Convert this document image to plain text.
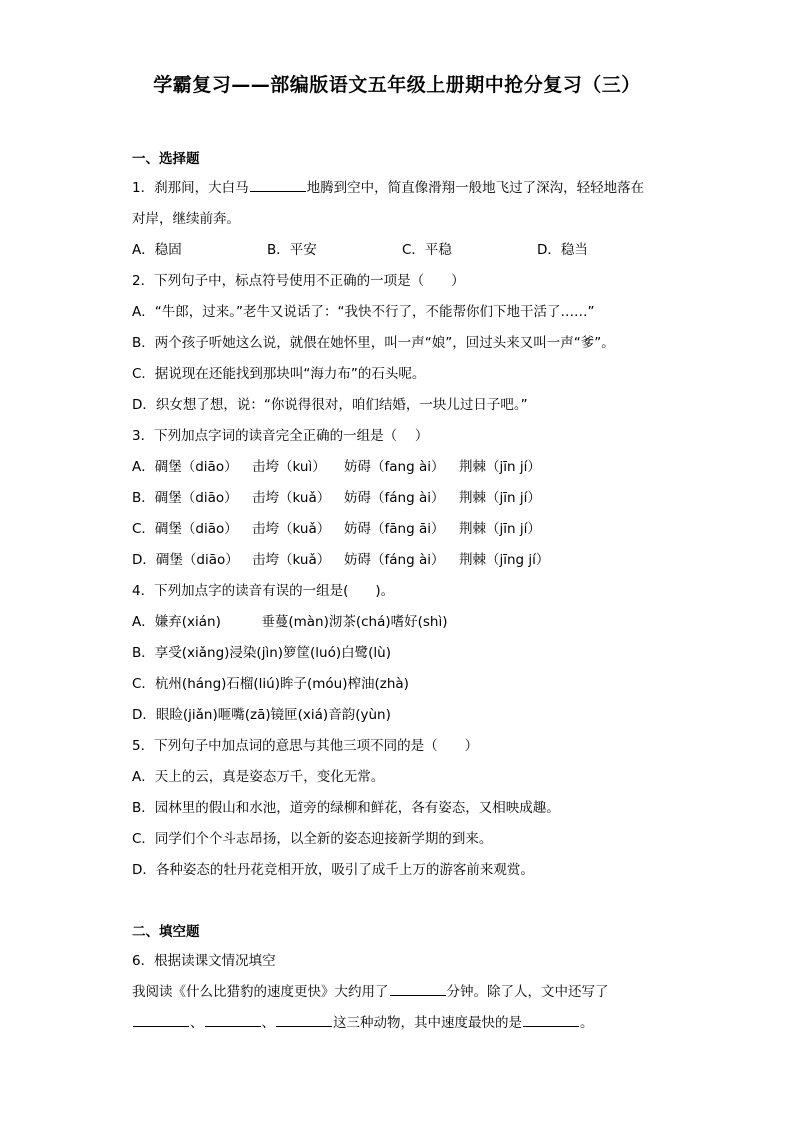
学霸复习——部编版语文五年级上册期中抢分复习（三）
一、选择题
1．刹那间，大白马	地腾到空中，简直像滑翔一般地飞过了深沟，轻轻地落在
对岸，继续前奔。
A．稳固	B．平安	C．平稳	D．稳当
2．下列句子中，标点符号使用不正确的一项是（　　）
A．“牛郎，过来。”老牛又说话了：“我快不行了，不能帮你们下地干活了……”
B．两个孩子听她这么说，就偎在她怀里，叫一声“娘”，回过头来又叫一声“爹”。
C．据说现在还能找到那块叫“海力布”的石头呢。
D．织女想了想，说：“你说得很对，咱们结婚，一块儿过日子吧。”
3．下列加点字词的读音完全正确的一组是（　 ）
A．碉堡（diāo）	击垮（kuì）	妨碍（fang ài）	荆棘（jīn jí）
B．碉堡（diāo）	击垮（kuǎ）	妨碍（fáng ài）	荆棘（jīn jí）
C．碉堡（diāo）	击垮（kuǎ）	妨碍（fāng āi）	荆棘（jīn jí）
D．碉堡（diāo） 击垮（kuǎ）	妨碍（fáng ài）	荆棘（jīng jí）
4．下列加点字的读音有误的一组是(　　)。
A．嫌弃(xián)　　　垂蔓(màn)沏茶(chá)嗜好(shì)
B．享受(xiǎng)浸染(jìn)箩筐(luó)白鹭(lù)
C．杭州(háng)石榴(liú)眸子(móu)榨油(zhà)
D．眼睑(jiǎn)咂嘴(zā)镜匣(xiá)音韵(yùn)
5．下列句子中加点词的意思与其他三项不同的是（　　）
A．天上的云，真是姿态万千，变化无常。
B．园林里的假山和水池，道旁的绿柳和鲜花，各有姿态，又相映成趣。
C．同学们个个斗志昂扬，以全新的姿态迎接新学期的到来。
D．各种姿态的牡丹花竞相开放，吸引了成千上万的游客前来观赏。
二、填空题
6．根据读课文情况填空
我阅读《什么比猎豹的速度更快》大约用了	分钟。除了人，文中还写了
、	、	这三种动物，其中速度最快的是	。
